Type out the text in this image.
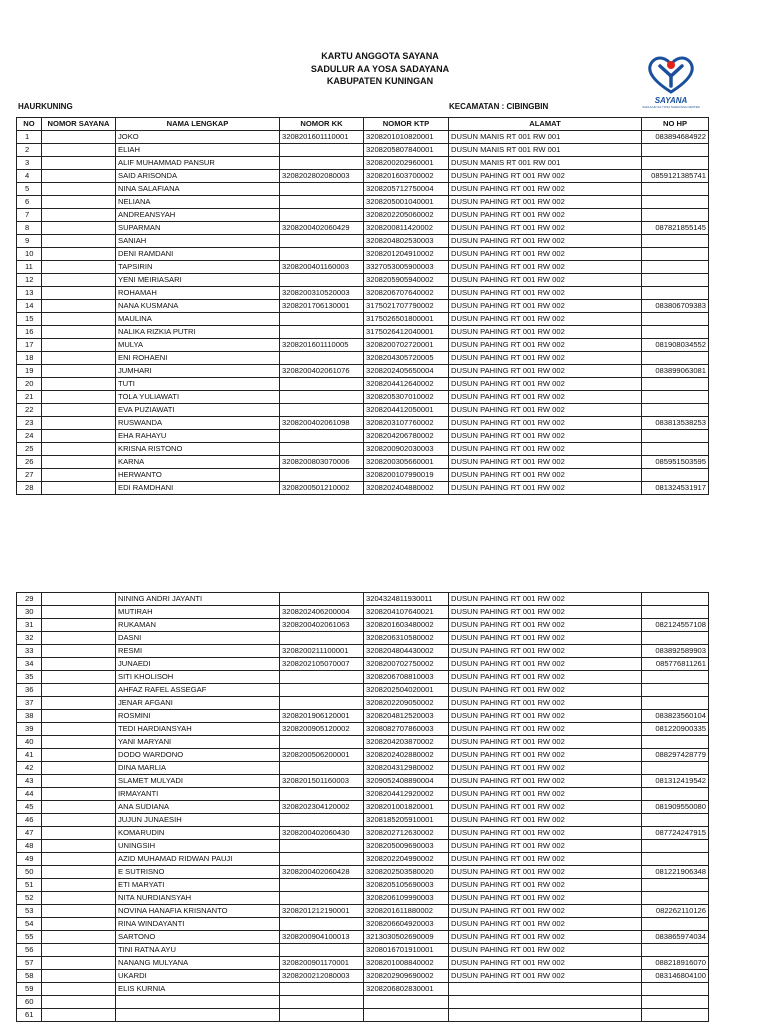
KARTU ANGGOTA SAYANA
SADULUR AA YOSA SADAYANA
KABUPATEN KUNINGAN
SAYANA
SADULUR AA YOSA SADAYANA CENTER
HAURKUNING	KECAMATAN : CIBINGBIN
NO	NOMOR SAYANA	NAMA LENGKAP	NOMOR KK	NOMOR KTP	ALAMAT	NO HP
1		JOKO	3208201601110001	3208201010820001	DUSUN MANIS RT 001 RW 001	083894684922
2		ELIAH		3208205807840001	DUSUN MANIS RT 001 RW 001	
3		ALIF MUHAMMAD PANSUR		3208200202960001	DUSUN MANIS RT 001 RW 001	
4		SAID ARISONDA	3208202802080003	3208201603700002	DUSUN PAHING RT 001 RW 002	0859121385741
5		NINA SALAFIANA		3208205712750004	DUSUN PAHING RT 001 RW 002	
6		NELIANA		3208205001040001	DUSUN PAHING RT 001 RW 002	
7		ANDREANSYAH		3208202205060002	DUSUN PAHING RT 001 RW 002	
8		SUPARMAN	3208200402060429	3208200811420002	DUSUN PAHING RT 001 RW 002	087821855145
9		SANIAH		3208204802530003	DUSUN PAHING RT 001 RW 002	
10		DENI RAMDANI		3208201204910002	DUSUN PAHING RT 001 RW 002	
11		TAPSIRIN	3208200401160003	3327053005900003	DUSUN PAHING RT 001 RW 002	
12		YENI MEIRIASARI		3208205905940002	DUSUN PAHING RT 001 RW 002	
13		ROHAMAH	3208200310520003	3208206707640002	DUSUN PAHING RT 001 RW 002	
14		NANA KUSMANA	3208201706130001	3175021707790002	DUSUN PAHING RT 001 RW 002	083806709383
15		MAULINA		3175026501800001	DUSUN PAHING RT 001 RW 002	
16		NALIKA RIZKIA PUTRI		3175026412040001	DUSUN PAHING RT 001 RW 002	
17		MULYA	3208201601110005	3208200702720001	DUSUN PAHING RT 001 RW 002	081908034552
18		ENI ROHAENI		3208204305720005	DUSUN PAHING RT 001 RW 002	
19		JUMHARI	3208200402061076	3208202405650004	DUSUN PAHING RT 001 RW 002	083899063081
20		TUTI		3208204412640002	DUSUN PAHING RT 001 RW 002	
21		TOLA YULIAWATI		3208205307010002	DUSUN PAHING RT 001 RW 002	
22		EVA PUZIAWATI		3208204412050001	DUSUN PAHING RT 001 RW 002	
23		RUSWANDA	3208200402061098	3208203107760002	DUSUN PAHING RT 001 RW 002	083813538253
24		EHA RAHAYU		3208204206780002	DUSUN PAHING RT 001 RW 002	
25		KRISNA RISTONO		3208200902030003	DUSUN PAHING RT 001 RW 002	
26		KARNA	3208200803070006	3208200305660001	DUSUN PAHING RT 001 RW 002	085951503595
27		HERWANTO		3208200107990019	DUSUN PAHING RT 001 RW 002	
28		EDI RAMDHANI	3208200501210002	3208202404880002	DUSUN PAHING RT 001 RW 002	081324531917
29		NINING ANDRI JAYANTI		3204324811930011	DUSUN PAHING RT 001 RW 002	
30		MUTIRAH	3208202406200004	3208204107640021	DUSUN PAHING RT 001 RW 002	
31		RUKAMAN	3208200402061063	3208201603480002	DUSUN PAHING RT 001 RW 002	082124557108
32		DASNI		3208206310580002	DUSUN PAHING RT 001 RW 002	
33		RESMI	3208200211100001	3208204804430002	DUSUN PAHING RT 001 RW 002	083892589903
34		JUNAEDI	3208202105070007	3208200702750002	DUSUN PAHING RT 001 RW 002	085776811261
35		SITI KHOLISOH		3208206708810003	DUSUN PAHING RT 001 RW 002	
36		AHFAZ RAFEL ASSEGAF		3208202504020001	DUSUN PAHING RT 001 RW 002	
37		JENAR AFGANI		3208202209050002	DUSUN PAHING RT 001 RW 002	
38		ROSMINI	3208201906120001	3208204812520003	DUSUN PAHING RT 001 RW 002	083823560104
39		TEDI HARDIANSYAH	3208200905120002	3208082707860003	DUSUN PAHING RT 001 RW 002	081220900335
40		YANI MARYANI		3208204203870002	DUSUN PAHING RT 001 RW 002	
41		DODO WARDONO	3208200506200001	3208202402880002	DUSUN PAHING RT 001 RW 002	088297428779
42		DINA MARLIA		3208204312980002	DUSUN PAHING RT 001 RW 002	
43		SLAMET MULYADI	3208201501160003	3209052408890004	DUSUN PAHING RT 001 RW 002	081312419542
44		IRMAYANTI		3208204412920002	DUSUN PAHING RT 001 RW 002	
45		ANA SUDIANA	3208202304120002	3208201001820001	DUSUN PAHING RT 001 RW 002	081909550080
46		JUJUN JUNAESIH		3208185205910001	DUSUN PAHING RT 001 RW 002	
47		KOMARUDIN	3208200402060430	3208202712630002	DUSUN PAHING RT 001 RW 002	087724247915
48		UNINGSIH		3208205009690003	DUSUN PAHING RT 001 RW 002	
49		AZID MUHAMAD RIDWAN PAUJI		3208202204990002	DUSUN PAHING RT 001 RW 002	
50		E SUTRISNO	3208200402060428	3208202503580020	DUSUN PAHING RT 001 RW 002	081221906348
51		ETI MARYATI		3208205105690003	DUSUN PAHING RT 001 RW 002	
52		NITA NURDIANSYAH		3208206109990003	DUSUN PAHING RT 001 RW 002	
53		NOVINA HANAFIA KRISNANTO	3208201212190001	3208201611880002	DUSUN PAHING RT 001 RW 002	082262110126
54		RINA WINDAYANTI		3208206604920003	DUSUN PAHING RT 001 RW 002	
55		SARTONO	3208200904100013	3213030502690009	DUSUN PAHING RT 001 RW 002	083865974034
56		TINI RATNA AYU		3208016701910001	DUSUN PAHING RT 001 RW 002	
57		NANANG MULYANA	3208200901170001	3208201008840002	DUSUN PAHING RT 001 RW 002	088218916070
58		UKARDI	3208200212080003	3208202909690002	DUSUN PAHING RT 001 RW 002	083146804100
59		ELIS KURNIA		3208206802830001		
60						
61						
